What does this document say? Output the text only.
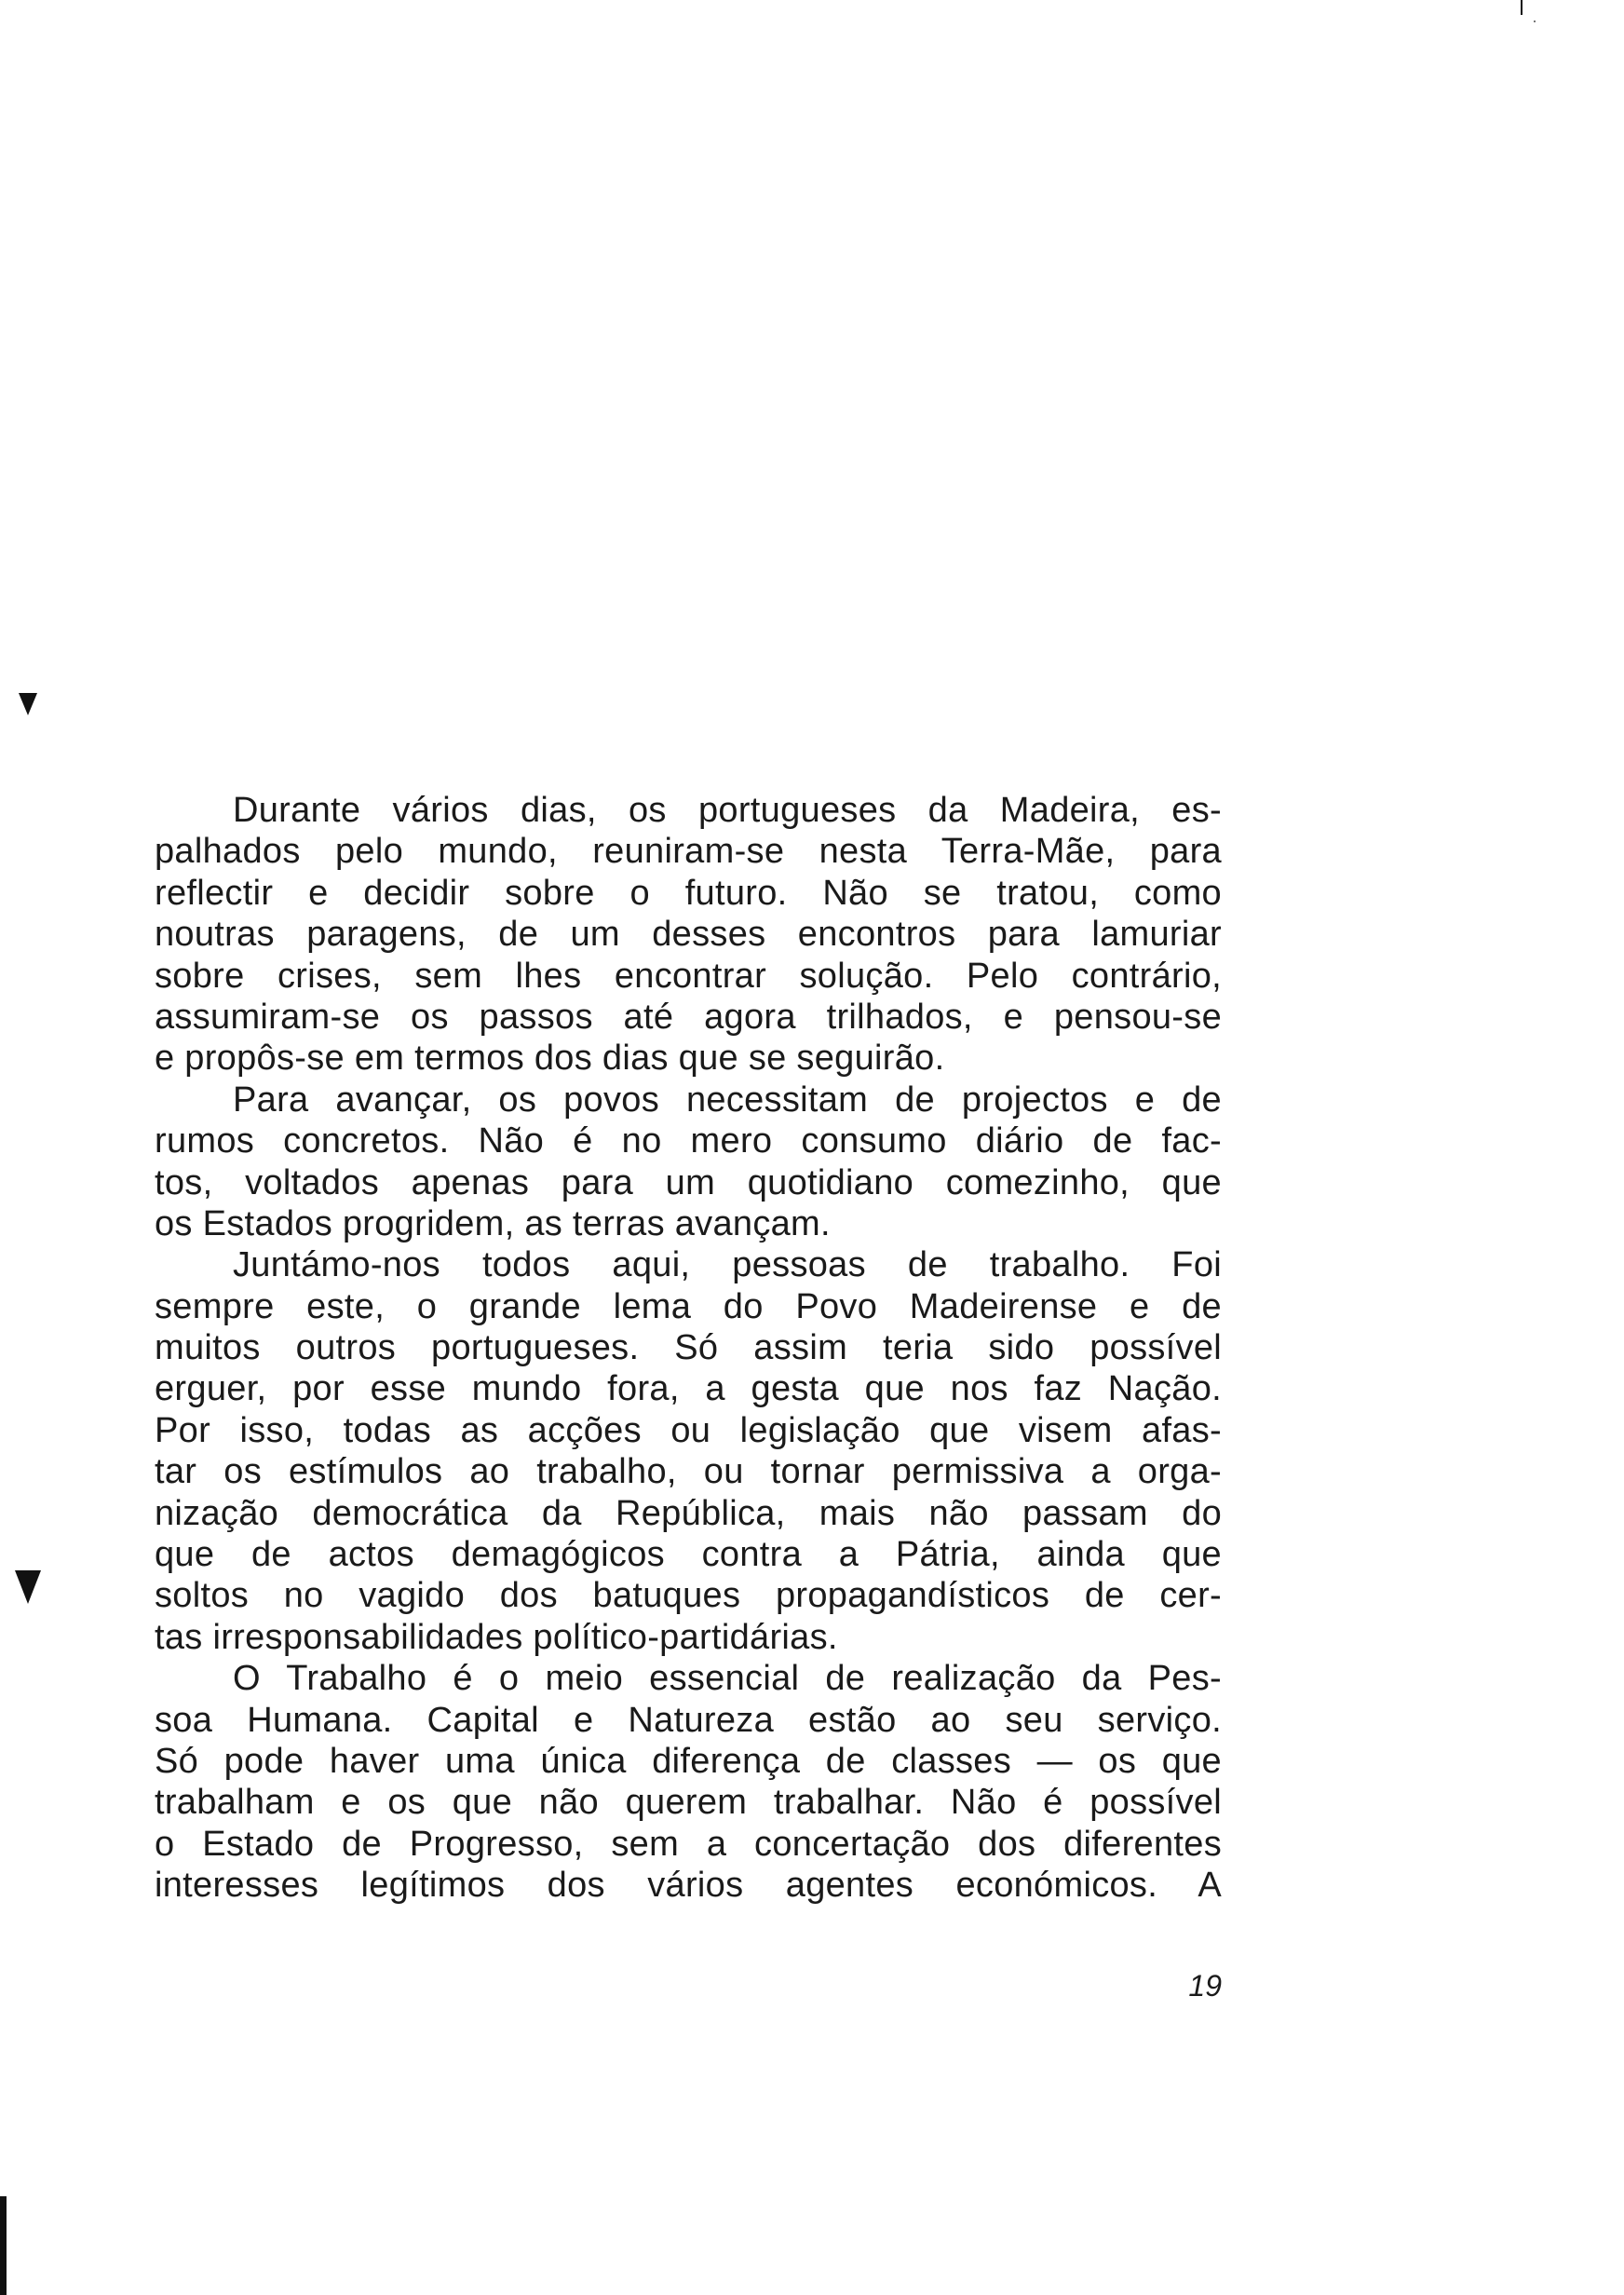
Durante vários dias, os portugueses da Madeira, es-
palhados pelo mundo, reuniram-se nesta Terra-Mãe, para
reflectir e decidir sobre o futuro. Não se tratou, como
noutras paragens, de um desses encontros para lamuriar
sobre crises, sem lhes encontrar solução. Pelo contrário,
assumiram-se os passos até agora trilhados, e pensou-se
e propôs-se em termos dos dias que se seguirão.
Para avançar, os povos necessitam de projectos e de
rumos concretos. Não é no mero consumo diário de fac-
tos, voltados apenas para um quotidiano comezinho, que
os Estados progridem, as terras avançam.
Juntámo-nos todos aqui, pessoas de trabalho. Foi
sempre este, o grande lema do Povo Madeirense e de
muitos outros portugueses. Só assim teria sido possível
erguer, por esse mundo fora, a gesta que nos faz Nação.
Por isso, todas as acções ou legislação que visem afas-
tar os estímulos ao trabalho, ou tornar permissiva a orga-
nização democrática da República, mais não passam do
que de actos demagógicos contra a Pátria, ainda que
soltos no vagido dos batuques propagandísticos de cer-
tas irresponsabilidades político-partidárias.
O Trabalho é o meio essencial de realização da Pes-
soa Humana. Capital e Natureza estão ao seu serviço.
Só pode haver uma única diferença de classes — os que
trabalham e os que não querem trabalhar. Não é possível
o Estado de Progresso, sem a concertação dos diferentes
interesses legítimos dos vários agentes económicos. A
19
